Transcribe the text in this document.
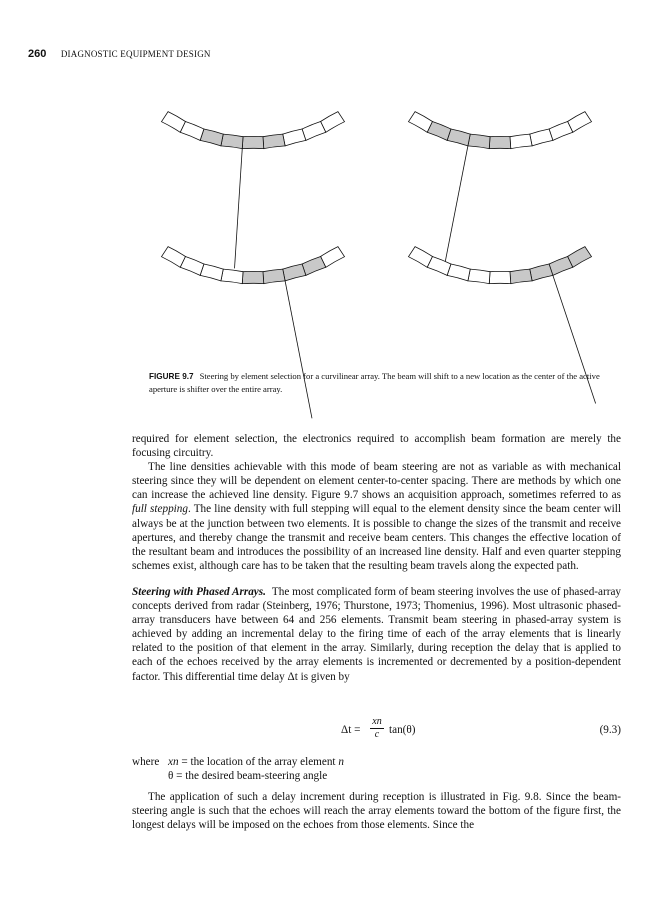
260 DIAGNOSTIC EQUIPMENT DESIGN
FIGURE 9.7 Steering by element selection for a curvilinear array. The beam will shift to a new location as the center of the active aperture is shifter over the entire array.

required for element selection, the electronics required to accomplish beam formation are merely the focusing circuitry.

The line densities achievable with this mode of beam steering are not as variable as with mechanical steering since they will be dependent on element center-to-center spacing. There are methods by which one can increase the achieved line density. Figure 9.7 shows an acquisition approach, sometimes referred to as full stepping. The line density with full stepping will equal to the element density since the beam center will always be at the junction between two elements. It is possible to change the sizes of the transmit and receive apertures, and thereby change the transmit and receive beam centers. This changes the effective location of the resultant beam and introduces the possibility of an increased line density. Half and even quarter stepping schemes exist, although care has to be taken that the resulting beam travels along the expected path.

Steering with Phased Arrays. The most complicated form of beam steering involves the use of phased-array concepts derived from radar (Steinberg, 1976; Thurstone, 1973; Thomenius, 1996). Most ultrasonic phased-array transducers have between 64 and 256 elements. Transmit beam steering in phased-array system is achieved by adding an incremental delay to the firing time of each of the array elements that is linearly related to the position of that element in the array. Similarly, during reception the delay that is applied to each of the echoes received by the array elements is incremented or decremented by a position-dependent factor. This differential time delay Δt is given by

$\Delta t = \frac{xn}{c} \tan(\theta)$	(9.3)
where xn = the location of the array element n
θ = the desired beam-steering angle

The application of such a delay increment during reception is illustrated in Fig. 9.8. Since the beam-steering angle is such that the echoes will reach the array elements toward the bottom of the figure first, the longest delays will be imposed on the echoes from those elements. Since the
